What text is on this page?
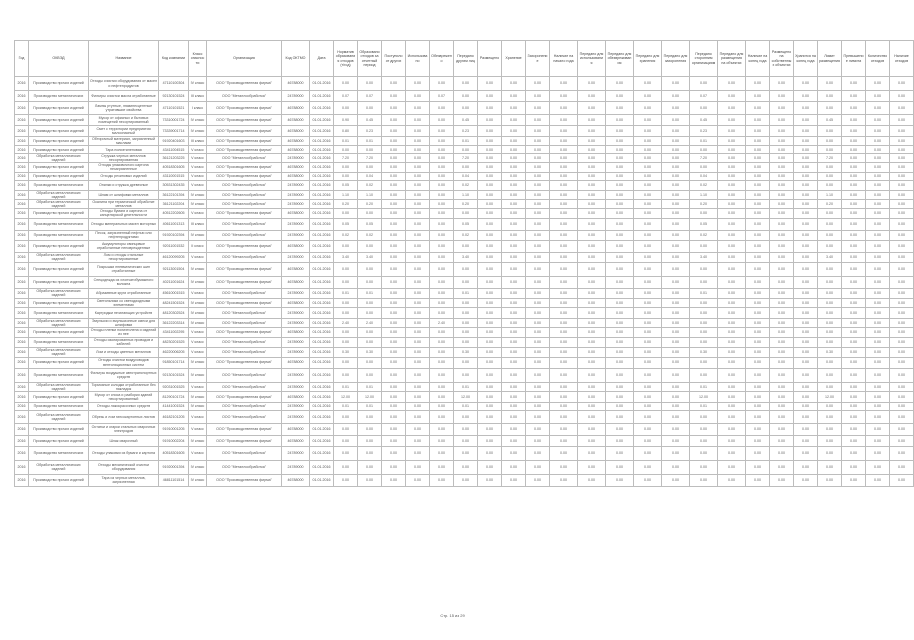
Год	ОКВЭД	Название	Код компании	Класс опасности	Организация	Код ОКТМО	Дата	Норматив образования отходов (т/год)	Образовано отходов за отчетный период	Поступило от других	Использовано	Обезврежено	Передано другим лиц	Размещено	Хранение	Захоронение	Наличие на начало года	Передано для использования	Передано для обезвреживания	Передано для хранения	Передано для захоронения	Передано сторонним организациям	Передано для размещения на объектах	Наличие на конец года	Размещено на собственных объектах	Хранится на конец года	Лимит размещения	Превышение лимита	Количество отходов	Наличие отходов
2016	Производство прочих изделий	Отходы очистки оборудования от масел и нефтепродуктов	47110100304	IV класс	ООО "Производственная фирма"	46788000	01.01.2016	0.00	0.00	0.00	0.00	0.00	0.00	0.00	0.00	0.00	0.00	0.00	0.00	0.00	0.00	0.00	0.00	0.00	0.00	0.00	0.00	0.00	0.00	0.00
2016	Производство металлических	Фильтры очистки масла отработанные	92130101524	III класс	ООО "Металлообработка"	24789000	01.01.2016	0.07	0.07	0.00	0.00	0.07	0.00	0.00	0.00	0.00	0.00	0.00	0.00	0.00	0.00	0.07	0.00	0.00	0.00	0.00	0.00	0.00	0.00	0.00
2016	Производство прочих изделий	Лампы ртутные, люминесцентные утратившие свойства	47110101521	I класс	ООО "Производственная фирма"	46788000	01.01.2016	0.00	0.00	0.00	0.00	0.00	0.00	0.00	0.00	0.00	0.00	0.00	0.00	0.00	0.00	0.00	0.00	0.00	0.00	0.00	0.00	0.00	0.00	0.00
2016	Производство прочих изделий	Мусор от офисных и бытовых помещений несортированный	73310001724	IV класс	ООО "Производственная фирма"	46788000	01.01.2016	0.90	0.45	0.00	0.00	0.00	0.45	0.00	0.00	0.00	0.00	0.00	0.00	0.00	0.00	0.45	0.00	0.00	0.00	0.00	0.45	0.00	0.00	0.00
2016	Производство прочих изделий	Смет с территории предприятия малоопасный	73339001714	IV класс	ООО "Производственная фирма"	46788000	01.01.2016	0.80	0.23	0.00	0.00	0.00	0.23	0.00	0.00	0.00	0.00	0.00	0.00	0.00	0.00	0.23	0.00	0.00	0.00	0.00	0.00	0.00	0.00	0.00
2016	Производство прочих изделий	Обтирочный материал, загрязненный маслами	91920401603	III класс	ООО "Производственная фирма"	46788000	01.01.2016	0.01	0.01	0.00	0.00	0.00	0.01	0.00	0.00	0.00	0.00	0.00	0.00	0.00	0.00	0.01	0.00	0.00	0.00	0.00	0.00	0.00	0.00	0.00
2016	Производство прочих изделий	Тара полиэтиленовая	43411004515	V класс	ООО "Производственная фирма"	46788000	01.01.2016	0.00	0.00	0.00	0.00	0.00	0.00	0.00	0.00	0.00	0.00	0.00	0.00	0.00	0.00	0.00	0.00	0.00	0.00	0.00	0.00	0.00	0.00	0.00
2016	Обработка металлических изделий	Стружка черных металлов несортированная	36121203225	V класс	ООО "Металлообработка"	24789000	01.01.2016	7.20	7.20	0.00	0.00	0.00	7.20	0.00	0.00	0.00	0.00	0.00	0.00	0.00	0.00	7.20	0.00	0.00	0.00	0.00	7.20	0.00	0.00	0.00
2016	Производство прочих изделий	Отходы упаковочного картона незагрязненные	40518301605	V класс	ООО "Производственная фирма"	46788000	01.01.2016	0.00	0.00	0.00	0.00	0.00	0.00	0.00	0.00	0.00	0.00	0.00	0.00	0.00	0.00	0.00	0.00	0.00	0.00	0.00	0.00	0.00	0.00	0.00
2016	Производство прочих изделий	Отходы резиновых изделий	43110001515	V класс	ООО "Производственная фирма"	46788000	01.01.2016	0.00	0.04	0.00	0.00	0.00	0.04	0.00	0.00	0.00	0.00	0.00	0.00	0.00	0.00	0.04	0.00	0.00	0.00	0.00	0.00	0.00	0.00	0.00
2016	Производство металлических	Опилки и стружка древесные	30531302435	V класс	ООО "Металлообработка"	24789000	01.01.2016	0.05	0.02	0.00	0.00	0.00	0.02	0.00	0.00	0.00	0.00	0.00	0.00	0.00	0.00	0.02	0.00	0.00	0.00	0.00	0.00	0.00	0.00	0.00
2016	Обработка металлических изделий	Шлам от шлифовки металлов	36122101394	IV класс	ООО "Металлообработка"	24789000	01.01.2016	1.10	1.10	0.00	0.00	0.00	1.10	0.00	0.00	0.00	0.00	0.00	0.00	0.00	0.00	1.10	0.00	0.00	0.00	0.00	1.10	0.00	0.00	0.00
2016	Обработка металлических изделий	Окалина при термической обработке металлов	36121102204	IV класс	ООО "Металлообработка"	24789000	01.01.2016	0.20	0.20	0.00	0.00	0.00	0.20	0.00	0.00	0.00	0.00	0.00	0.00	0.00	0.00	0.20	0.00	0.00	0.00	0.00	0.20	0.00	0.00	0.00
2016	Производство прочих изделий	Отходы бумаги и картона от канцелярской деятельности	40512202605	V класс	ООО "Производственная фирма"	46788000	01.01.2016	0.00	0.00	0.00	0.00	0.00	0.00	0.00	0.00	0.00	0.00	0.00	0.00	0.00	0.00	0.00	0.00	0.00	0.00	0.00	0.00	0.00	0.00	0.00
2016	Производство металлических	Отходы минеральных масел моторных	40611001313	III класс	ООО "Металлообработка"	24789000	01.01.2016	0.05	0.05	0.00	0.00	0.00	0.05	0.00	0.00	0.00	0.00	0.00	0.00	0.00	0.00	0.05	0.00	0.00	0.00	0.00	0.00	0.00	0.00	0.00
2016	Производство металлических	Песок, загрязненный нефтью или нефтепродуктами	91920102394	IV класс	ООО "Металлообработка"	24789000	01.01.2016	0.02	0.02	0.00	0.00	0.00	0.02	0.00	0.00	0.00	0.00	0.00	0.00	0.00	0.00	0.02	0.00	0.00	0.00	0.00	0.00	0.00	0.00	0.00
2016	Производство прочих изделий	Аккумуляторы свинцовые отработанные неповрежденные	92011001532	II класс	ООО "Производственная фирма"	46788000	01.01.2016	0.00	0.00	0.00	0.00	0.00	0.00	0.00	0.00	0.00	0.00	0.00	0.00	0.00	0.00	0.00	0.00	0.00	0.00	0.00	0.00	0.00	0.00	0.00
2016	Обработка металлических изделий	Лом и отходы стальные несортированные	46120099205	V класс	ООО "Металлообработка"	24789000	01.01.2016	3.40	3.40	0.00	0.00	0.00	3.40	0.00	0.00	0.00	0.00	0.00	0.00	0.00	0.00	3.40	0.00	0.00	0.00	0.00	3.40	0.00	0.00	0.00
2016	Производство прочих изделий	Покрышки пневматических шин отработанные	92113001504	IV класс	ООО "Производственная фирма"	46788000	01.01.2016	0.00	0.00	0.00	0.00	0.00	0.00	0.00	0.00	0.00	0.00	0.00	0.00	0.00	0.00	0.00	0.00	0.00	0.00	0.00	0.00	0.00	0.00	0.00
2016	Производство прочих изделий	Спецодежда из хлопчатобумажного волокна	40211001624	IV класс	ООО "Производственная фирма"	46788000	01.01.2016	0.00	0.00	0.00	0.00	0.00	0.00	0.00	0.00	0.00	0.00	0.00	0.00	0.00	0.00	0.00	0.00	0.00	0.00	0.00	0.00	0.00	0.00	0.00
2016	Обработка металлических изделий	Абразивные круги отработанные	45610001515	V класс	ООО "Металлообработка"	24789000	01.01.2016	0.01	0.01	0.00	0.00	0.00	0.01	0.00	0.00	0.00	0.00	0.00	0.00	0.00	0.00	0.01	0.00	0.00	0.00	0.00	0.00	0.00	0.00	0.00
2016	Производство прочих изделий	Светильники со светодиодными элементами	48241501524	IV класс	ООО "Производственная фирма"	46788000	01.01.2016	0.00	0.00	0.00	0.00	0.00	0.00	0.00	0.00	0.00	0.00	0.00	0.00	0.00	0.00	0.00	0.00	0.00	0.00	0.00	0.00	0.00	0.00	0.00
2016	Производство металлических	Картриджи печатающих устройств	48120302524	IV класс	ООО "Металлообработка"	24789000	01.01.2016	0.00	0.00	0.00	0.00	0.00	0.00	0.00	0.00	0.00	0.00	0.00	0.00	0.00	0.00	0.00	0.00	0.00	0.00	0.00	0.00	0.00	0.00	0.00
2016	Обработка металлических изделий	Эмульсии и эмульсионные смеси для шлифовки	36122203314	IV класс	ООО "Металлообработка"	24789000	01.01.2016	2.40	2.40	0.00	0.00	2.40	0.00	0.00	0.00	0.00	0.00	0.00	0.00	0.00	0.00	0.00	0.00	0.00	0.00	0.00	0.00	0.00	0.00	0.00
2016	Производство прочих изделий	Отходы пленки полиэтилена и изделий из нее	43411002295	V класс	ООО "Производственная фирма"	46788000	01.01.2016	0.00	0.00	0.00	0.00	0.00	0.00	0.00	0.00	0.00	0.00	0.00	0.00	0.00	0.00	0.00	0.00	0.00	0.00	0.00	0.00	0.00	0.00	0.00
2016	Производство металлических	Отходы изолированных проводов и кабелей	48230201525	V класс	ООО "Металлообработка"	24789000	01.01.2016	0.00	0.00	0.00	0.00	0.00	0.00	0.00	0.00	0.00	0.00	0.00	0.00	0.00	0.00	0.00	0.00	0.00	0.00	0.00	0.00	0.00	0.00	0.00
2016	Обработка металлических изделий	Лом и отходы цветных металлов	46220006205	V класс	ООО "Металлообработка"	24789000	01.01.2016	0.30	0.30	0.00	0.00	0.00	0.30	0.00	0.00	0.00	0.00	0.00	0.00	0.00	0.00	0.30	0.00	0.00	0.00	0.00	0.30	0.00	0.00	0.00
2016	Производство прочих изделий	Отходы очистки воздуховодов вентиляционных систем	91850101714	IV класс	ООО "Производственная фирма"	46788000	01.01.2016	0.00	0.00	0.00	0.00	0.00	0.00	0.00	0.00	0.00	0.00	0.00	0.00	0.00	0.00	0.00	0.00	0.00	0.00	0.00	0.00	0.00	0.00	0.00
2016	Производство металлических	Фильтры воздушные автотранспортных средств	92130101524	IV класс	ООО "Металлообработка"	24789000	01.01.2016	0.00	0.00	0.00	0.00	0.00	0.00	0.00	0.00	0.00	0.00	0.00	0.00	0.00	0.00	0.00	0.00	0.00	0.00	0.00	0.00	0.00	0.00	0.00
2016	Обработка металлических изделий	Тормозные колодки отработанные без накладок	92031001525	V класс	ООО "Металлообработка"	24789000	01.01.2016	0.01	0.01	0.00	0.00	0.00	0.01	0.00	0.00	0.00	0.00	0.00	0.00	0.00	0.00	0.01	0.00	0.00	0.00	0.00	0.00	0.00	0.00	0.00
2016	Производство прочих изделий	Мусор от сноса и разборки зданий несортированный	81290101724	IV класс	ООО "Производственная фирма"	46788000	01.01.2016	12.00	12.00	0.00	0.00	0.00	12.00	0.00	0.00	0.00	0.00	0.00	0.00	0.00	0.00	12.00	0.00	0.00	0.00	0.00	12.00	0.00	0.00	0.00
2016	Производство металлических	Отходы лакокрасочных средств	41441001524	IV класс	ООО "Металлообработка"	24789000	01.01.2016	0.01	0.01	0.00	0.00	0.00	0.01	0.00	0.00	0.00	0.00	0.00	0.00	0.00	0.00	0.01	0.00	0.00	0.00	0.00	0.00	0.00	0.00	0.00
2016	Обработка металлических изделий	Обрезь и лом гипсокартонных листов	46182101205	V класс	ООО "Металлообработка"	24789000	01.01.2016	0.00	0.00	0.00	0.00	0.00	0.00	0.00	0.00	0.00	0.00	0.00	0.00	0.00	0.00	0.00	0.00	0.00	0.00	0.00	0.00	0.00	0.00	0.00
2016	Производство прочих изделий	Остатки и огарки стальных сварочных электродов	91910001205	V класс	ООО "Производственная фирма"	46788000	01.01.2016	0.00	0.00	0.00	0.00	0.00	0.00	0.00	0.00	0.00	0.00	0.00	0.00	0.00	0.00	0.00	0.00	0.00	0.00	0.00	0.00	0.00	0.00	0.00
2016	Производство прочих изделий	Шлак сварочный	91910002204	IV класс	ООО "Производственная фирма"	46788000	01.01.2016	0.00	0.00	0.00	0.00	0.00	0.00	0.00	0.00	0.00	0.00	0.00	0.00	0.00	0.00	0.00	0.00	0.00	0.00	0.00	0.00	0.00	0.00	0.00
2016	Производство металлических	Отходы упаковки из бумаги и картона	40518301605	V класс	ООО "Металлообработка"	24789000	01.01.2016	0.00	0.00	0.00	0.00	0.00	0.00	0.00	0.00	0.00	0.00	0.00	0.00	0.00	0.00	0.00	0.00	0.00	0.00	0.00	0.00	0.00	0.00	0.00
2016	Обработка металлических изделий	Отходы механической очистки оборудования	91920001394	IV класс	ООО "Металлообработка"	24789000	01.01.2016	0.00	0.00	0.00	0.00	0.00	0.00	0.00	0.00	0.00	0.00	0.00	0.00	0.00	0.00	0.00	0.00	0.00	0.00	0.00	0.00	0.00	0.00	0.00
2016	Производство прочих изделий	Тара из черных металлов, загрязненная	46811101514	IV класс	ООО "Производственная фирма"	46788000	01.01.2016	0.00	0.00	0.00	0.00	0.00	0.00	0.00	0.00	0.00	0.00	0.00	0.00	0.00	0.00	0.00	0.00	0.00	0.00	0.00	0.00	0.00	0.00	0.00
Стр. 15 из 29
